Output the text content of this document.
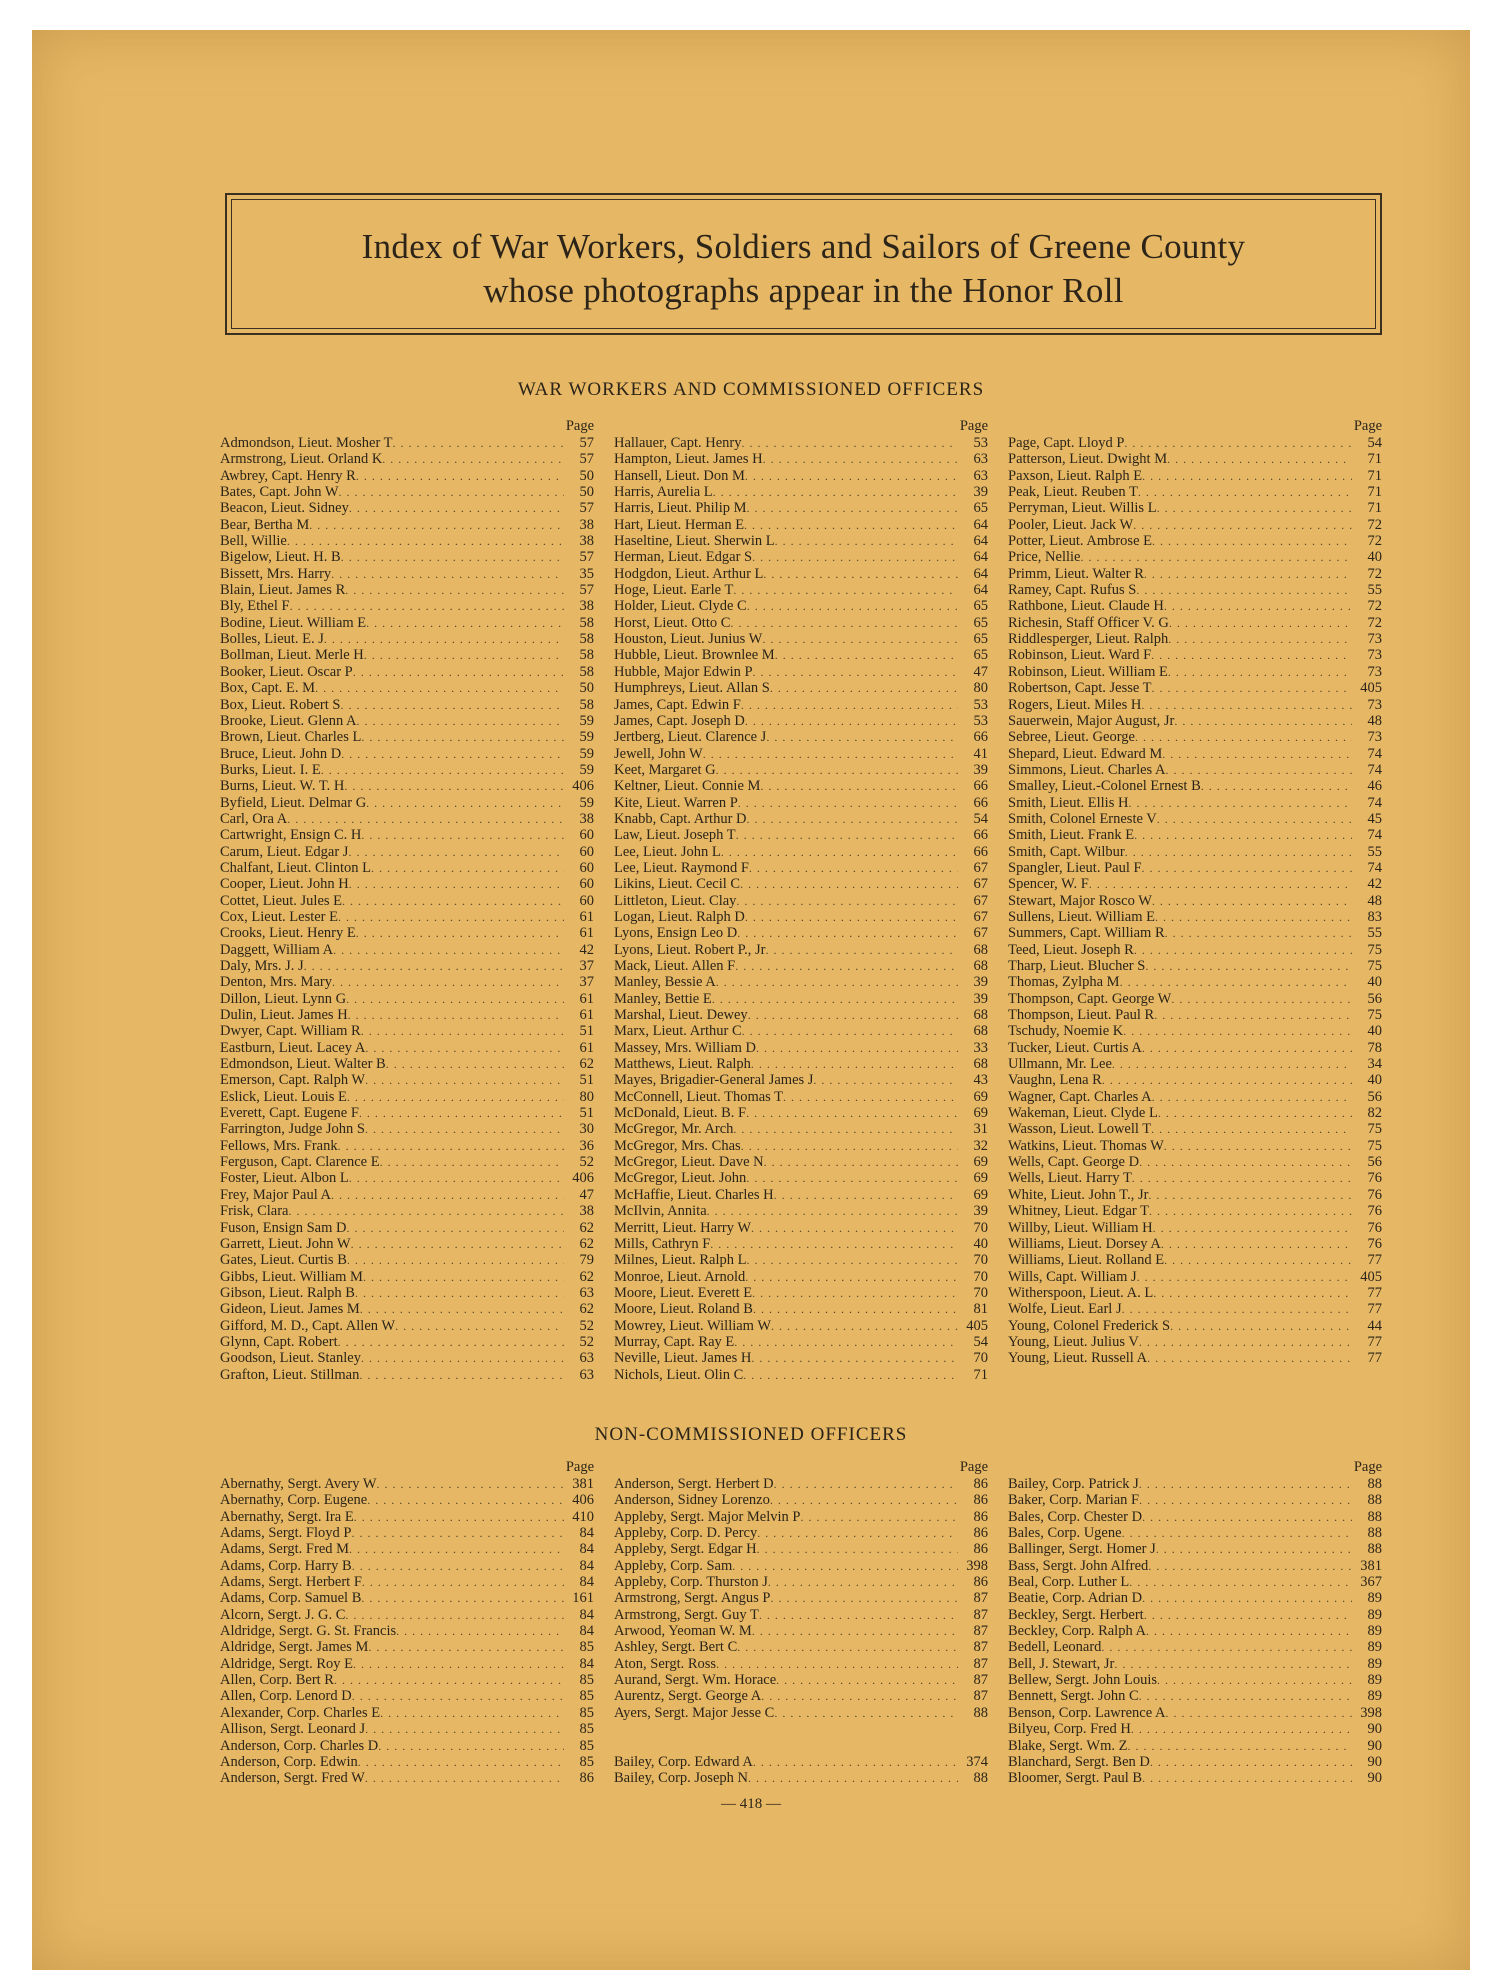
Index of War Workers, Soldiers and Sailors of Greene County
whose photographs appear in the Honor Roll
WAR WORKERS AND COMMISSIONED OFFICERS
Page
Admondson, Lieut. Mosher T . . .	57
Armstrong, Lieut. Orland K . . .	57
Awbrey, Capt. Henry R . . .	50
Bates, Capt. John W . . .	50
Beacon, Lieut. Sidney . . .	57
Bear, Bertha M . . .	38
Bell, Willie . . .	38
Bigelow, Lieut. H. B . . .	57
Bissett, Mrs. Harry . . .	35
Blain, Lieut. James R . . .	57
Bly, Ethel F . . .	38
Bodine, Lieut. William E . . .	58
Bolles, Lieut. E. J . . .	58
Bollman, Lieut. Merle H . . .	58
Booker, Lieut. Oscar P . . .	58
Box, Capt. E. M . . .	50
Box, Lieut. Robert S . . .	58
Brooke, Lieut. Glenn A . . .	59
Brown, Lieut. Charles L . . .	59
Bruce, Lieut. John D . . .	59
Burks, Lieut. I. E . . .	59
Burns, Lieut. W. T. H . . .	406
Byfield, Lieut. Delmar G . . .	59
Carl, Ora A . . .	38
Cartwright, Ensign C. H . . .	60
Carum, Lieut. Edgar J . . .	60
Chalfant, Lieut. Clinton L . . .	60
Cooper, Lieut. John H . . .	60
Cottet, Lieut. Jules E . . .	60
Cox, Lieut. Lester E . . .	61
Crooks, Lieut. Henry E . . .	61
Daggett, William A . . .	42
Daly, Mrs. J. J . . .	37
Denton, Mrs. Mary . . .	37
Dillon, Lieut. Lynn G . . .	61
Dulin, Lieut. James H . . .	61
Dwyer, Capt. William R . . .	51
Eastburn, Lieut. Lacey A . . .	61
Edmondson, Lieut. Walter B . . .	62
Emerson, Capt. Ralph W . . .	51
Eslick, Lieut. Louis E . . .	80
Everett, Capt. Eugene F . . .	51
Farrington, Judge John S . . .	30
Fellows, Mrs. Frank . . .	36
Ferguson, Capt. Clarence E . . .	52
Foster, Lieut. Albon L . . .	406
Frey, Major Paul A . . .	47
Frisk, Clara . . .	38
Fuson, Ensign Sam D . . .	62
Garrett, Lieut. John W . . .	62
Gates, Lieut. Curtis B . . .	79
Gibbs, Lieut. William M . . .	62
Gibson, Lieut. Ralph B . . .	63
Gideon, Lieut. James M . . .	62
Gifford, M. D., Capt. Allen W . . .	52
Glynn, Capt. Robert . . .	52
Goodson, Lieut. Stanley . . .	63
Grafton, Lieut. Stillman . . .	63
Page
Hallauer, Capt. Henry . . .	53
Hampton, Lieut. James H . . .	63
Hansell, Lieut. Don M . . .	63
Harris, Aurelia L . . .	39
Harris, Lieut. Philip M . . .	65
Hart, Lieut. Herman E . . .	64
Haseltine, Lieut. Sherwin L . . .	64
Herman, Lieut. Edgar S . . .	64
Hodgdon, Lieut. Arthur L . . .	64
Hoge, Lieut. Earle T . . .	64
Holder, Lieut. Clyde C . . .	65
Horst, Lieut. Otto C . . .	65
Houston, Lieut. Junius W . . .	65
Hubble, Lieut. Brownlee M . . .	65
Hubble, Major Edwin P . . .	47
Humphreys, Lieut. Allan S . . .	80
James, Capt. Edwin F . . .	53
James, Capt. Joseph D . . .	53
Jertberg, Lieut. Clarence J . . .	66
Jewell, John W . . .	41
Keet, Margaret G . . .	39
Keltner, Lieut. Connie M . . .	66
Kite, Lieut. Warren P . . .	66
Knabb, Capt. Arthur D . . .	54
Law, Lieut. Joseph T . . .	66
Lee, Lieut. John L . . .	66
Lee, Lieut. Raymond F . . .	67
Likins, Lieut. Cecil C . . .	67
Littleton, Lieut. Clay . . .	67
Logan, Lieut. Ralph D . . .	67
Lyons, Ensign Leo D . . .	67
Lyons, Lieut. Robert P., Jr . . .	68
Mack, Lieut. Allen F . . .	68
Manley, Bessie A . . .	39
Manley, Bettie E . . .	39
Marshal, Lieut. Dewey . . .	68
Marx, Lieut. Arthur C . . .	68
Massey, Mrs. William D . . .	33
Matthews, Lieut. Ralph . . .	68
Mayes, Brigadier-General James J . . .	43
McConnell, Lieut. Thomas T . . .	69
McDonald, Lieut. B. F . . .	69
McGregor, Mr. Arch . . .	31
McGregor, Mrs. Chas . . .	32
McGregor, Lieut. Dave N . . .	69
McGregor, Lieut. John . . .	69
McHaffie, Lieut. Charles H . . .	69
McIlvin, Annita . . .	39
Merritt, Lieut. Harry W . . .	70
Mills, Cathryn F . . .	40
Milnes, Lieut. Ralph L . . .	70
Monroe, Lieut. Arnold . . .	70
Moore, Lieut. Everett E . . .	70
Moore, Lieut. Roland B . . .	81
Mowrey, Lieut. William W . . .	405
Murray, Capt. Ray E . . .	54
Neville, Lieut. James H . . .	70
Nichols, Lieut. Olin C . . .	71
Page
Page, Capt. Lloyd P . . .	54
Patterson, Lieut. Dwight M . . .	71
Paxson, Lieut. Ralph E . . .	71
Peak, Lieut. Reuben T . . .	71
Perryman, Lieut. Willis L . . .	71
Pooler, Lieut. Jack W . . .	72
Potter, Lieut. Ambrose E . . .	72
Price, Nellie . . .	40
Primm, Lieut. Walter R . . .	72
Ramey, Capt. Rufus S . . .	55
Rathbone, Lieut. Claude H . . .	72
Richesin, Staff Officer V. G . . .	72
Riddlesperger, Lieut. Ralph . . .	73
Robinson, Lieut. Ward F . . .	73
Robinson, Lieut. William E . . .	73
Robertson, Capt. Jesse T . . .	405
Rogers, Lieut. Miles H . . .	73
Sauerwein, Major August, Jr . . .	48
Sebree, Lieut. George . . .	73
Shepard, Lieut. Edward M . . .	74
Simmons, Lieut. Charles A . . .	74
Smalley, Lieut.-Colonel Ernest B . . .	46
Smith, Lieut. Ellis H . . .	74
Smith, Colonel Erneste V . . .	45
Smith, Lieut. Frank E . . .	74
Smith, Capt. Wilbur . . .	55
Spangler, Lieut. Paul F . . .	74
Spencer, W. F . . .	42
Stewart, Major Rosco W . . .	48
Sullens, Lieut. William E . . .	83
Summers, Capt. William R . . .	55
Teed, Lieut. Joseph R . . .	75
Tharp, Lieut. Blucher S . . .	75
Thomas, Zylpha M . . .	40
Thompson, Capt. George W . . .	56
Thompson, Lieut. Paul R . . .	75
Tschudy, Noemie K . . .	40
Tucker, Lieut. Curtis A . . .	78
Ullmann, Mr. Lee . . .	34
Vaughn, Lena R . . .	40
Wagner, Capt. Charles A . . .	56
Wakeman, Lieut. Clyde L . . .	82
Wasson, Lieut. Lowell T . . .	75
Watkins, Lieut. Thomas W . . .	75
Wells, Capt. George D . . .	56
Wells, Lieut. Harry T . . .	76
White, Lieut. John T., Jr . . .	76
Whitney, Lieut. Edgar T . . .	76
Willby, Lieut. William H . . .	76
Williams, Lieut. Dorsey A . . .	76
Williams, Lieut. Rolland E . . .	77
Wills, Capt. William J . . .	405
Witherspoon, Lieut. A. L . . .	77
Wolfe, Lieut. Earl J . . .	77
Young, Colonel Frederick S . . .	44
Young, Lieut. Julius V . . .	77
Young, Lieut. Russell A . . .	77
NON-COMMISSIONED OFFICERS
Page
Abernathy, Sergt. Avery W . . .	381
Abernathy, Corp. Eugene . . .	406
Abernathy, Sergt. Ira E . . .	410
Adams, Sergt. Floyd P . . .	84
Adams, Sergt. Fred M . . .	84
Adams, Corp. Harry B . . .	84
Adams, Sergt. Herbert F . . .	84
Adams, Corp. Samuel B . . .	161
Alcorn, Sergt. J. G. C . . .	84
Aldridge, Sergt. G. St. Francis . . .	84
Aldridge, Sergt. James M . . .	85
Aldridge, Sergt. Roy E . . .	84
Allen, Corp. Bert R . . .	85
Allen, Corp. Lenord D . . .	85
Alexander, Corp. Charles E . . .	85
Allison, Sergt. Leonard J . . .	85
Anderson, Corp. Charles D . . .	85
Anderson, Corp. Edwin . . .	85
Anderson, Sergt. Fred W . . .	86
Page
Anderson, Sergt. Herbert D . . .	86
Anderson, Sidney Lorenzo . . .	86
Appleby, Sergt. Major Melvin P . . .	86
Appleby, Corp. D. Percy . . .	86
Appleby, Sergt. Edgar H . . .	86
Appleby, Corp. Sam . . .	398
Appleby, Corp. Thurston J . . .	86
Armstrong, Sergt. Angus P . . .	87
Armstrong, Sergt. Guy T . . .	87
Arwood, Yeoman W. M . . .	87
Ashley, Sergt. Bert C . . .	87
Aton, Sergt. Ross . . .	87
Aurand, Sergt. Wm. Horace . . .	87
Aurentz, Sergt. George A . . .	87
Ayers, Sergt. Major Jesse C . . .	88
Bailey, Corp. Edward A . . .	374
Bailey, Corp. Joseph N . . .	88
Page
Bailey, Corp. Patrick J . . .	88
Baker, Corp. Marian F . . .	88
Bales, Corp. Chester D . . .	88
Bales, Corp. Ugene . . .	88
Ballinger, Sergt. Homer J . . .	88
Bass, Sergt. John Alfred . . .	381
Beal, Corp. Luther L . . .	367
Beatie, Corp. Adrian D . . .	89
Beckley, Sergt. Herbert . . .	89
Beckley, Corp. Ralph A . . .	89
Bedell, Leonard . . .	89
Bell, J. Stewart, Jr . . .	89
Bellew, Sergt. John Louis . . .	89
Bennett, Sergt. John C . . .	89
Benson, Corp. Lawrence A . . .	398
Bilyeu, Corp. Fred H . . .	90
Blake, Sergt. Wm. Z . . .	90
Blanchard, Sergt. Ben D . . .	90
Bloomer, Sergt. Paul B . . .	90
— 418 —
